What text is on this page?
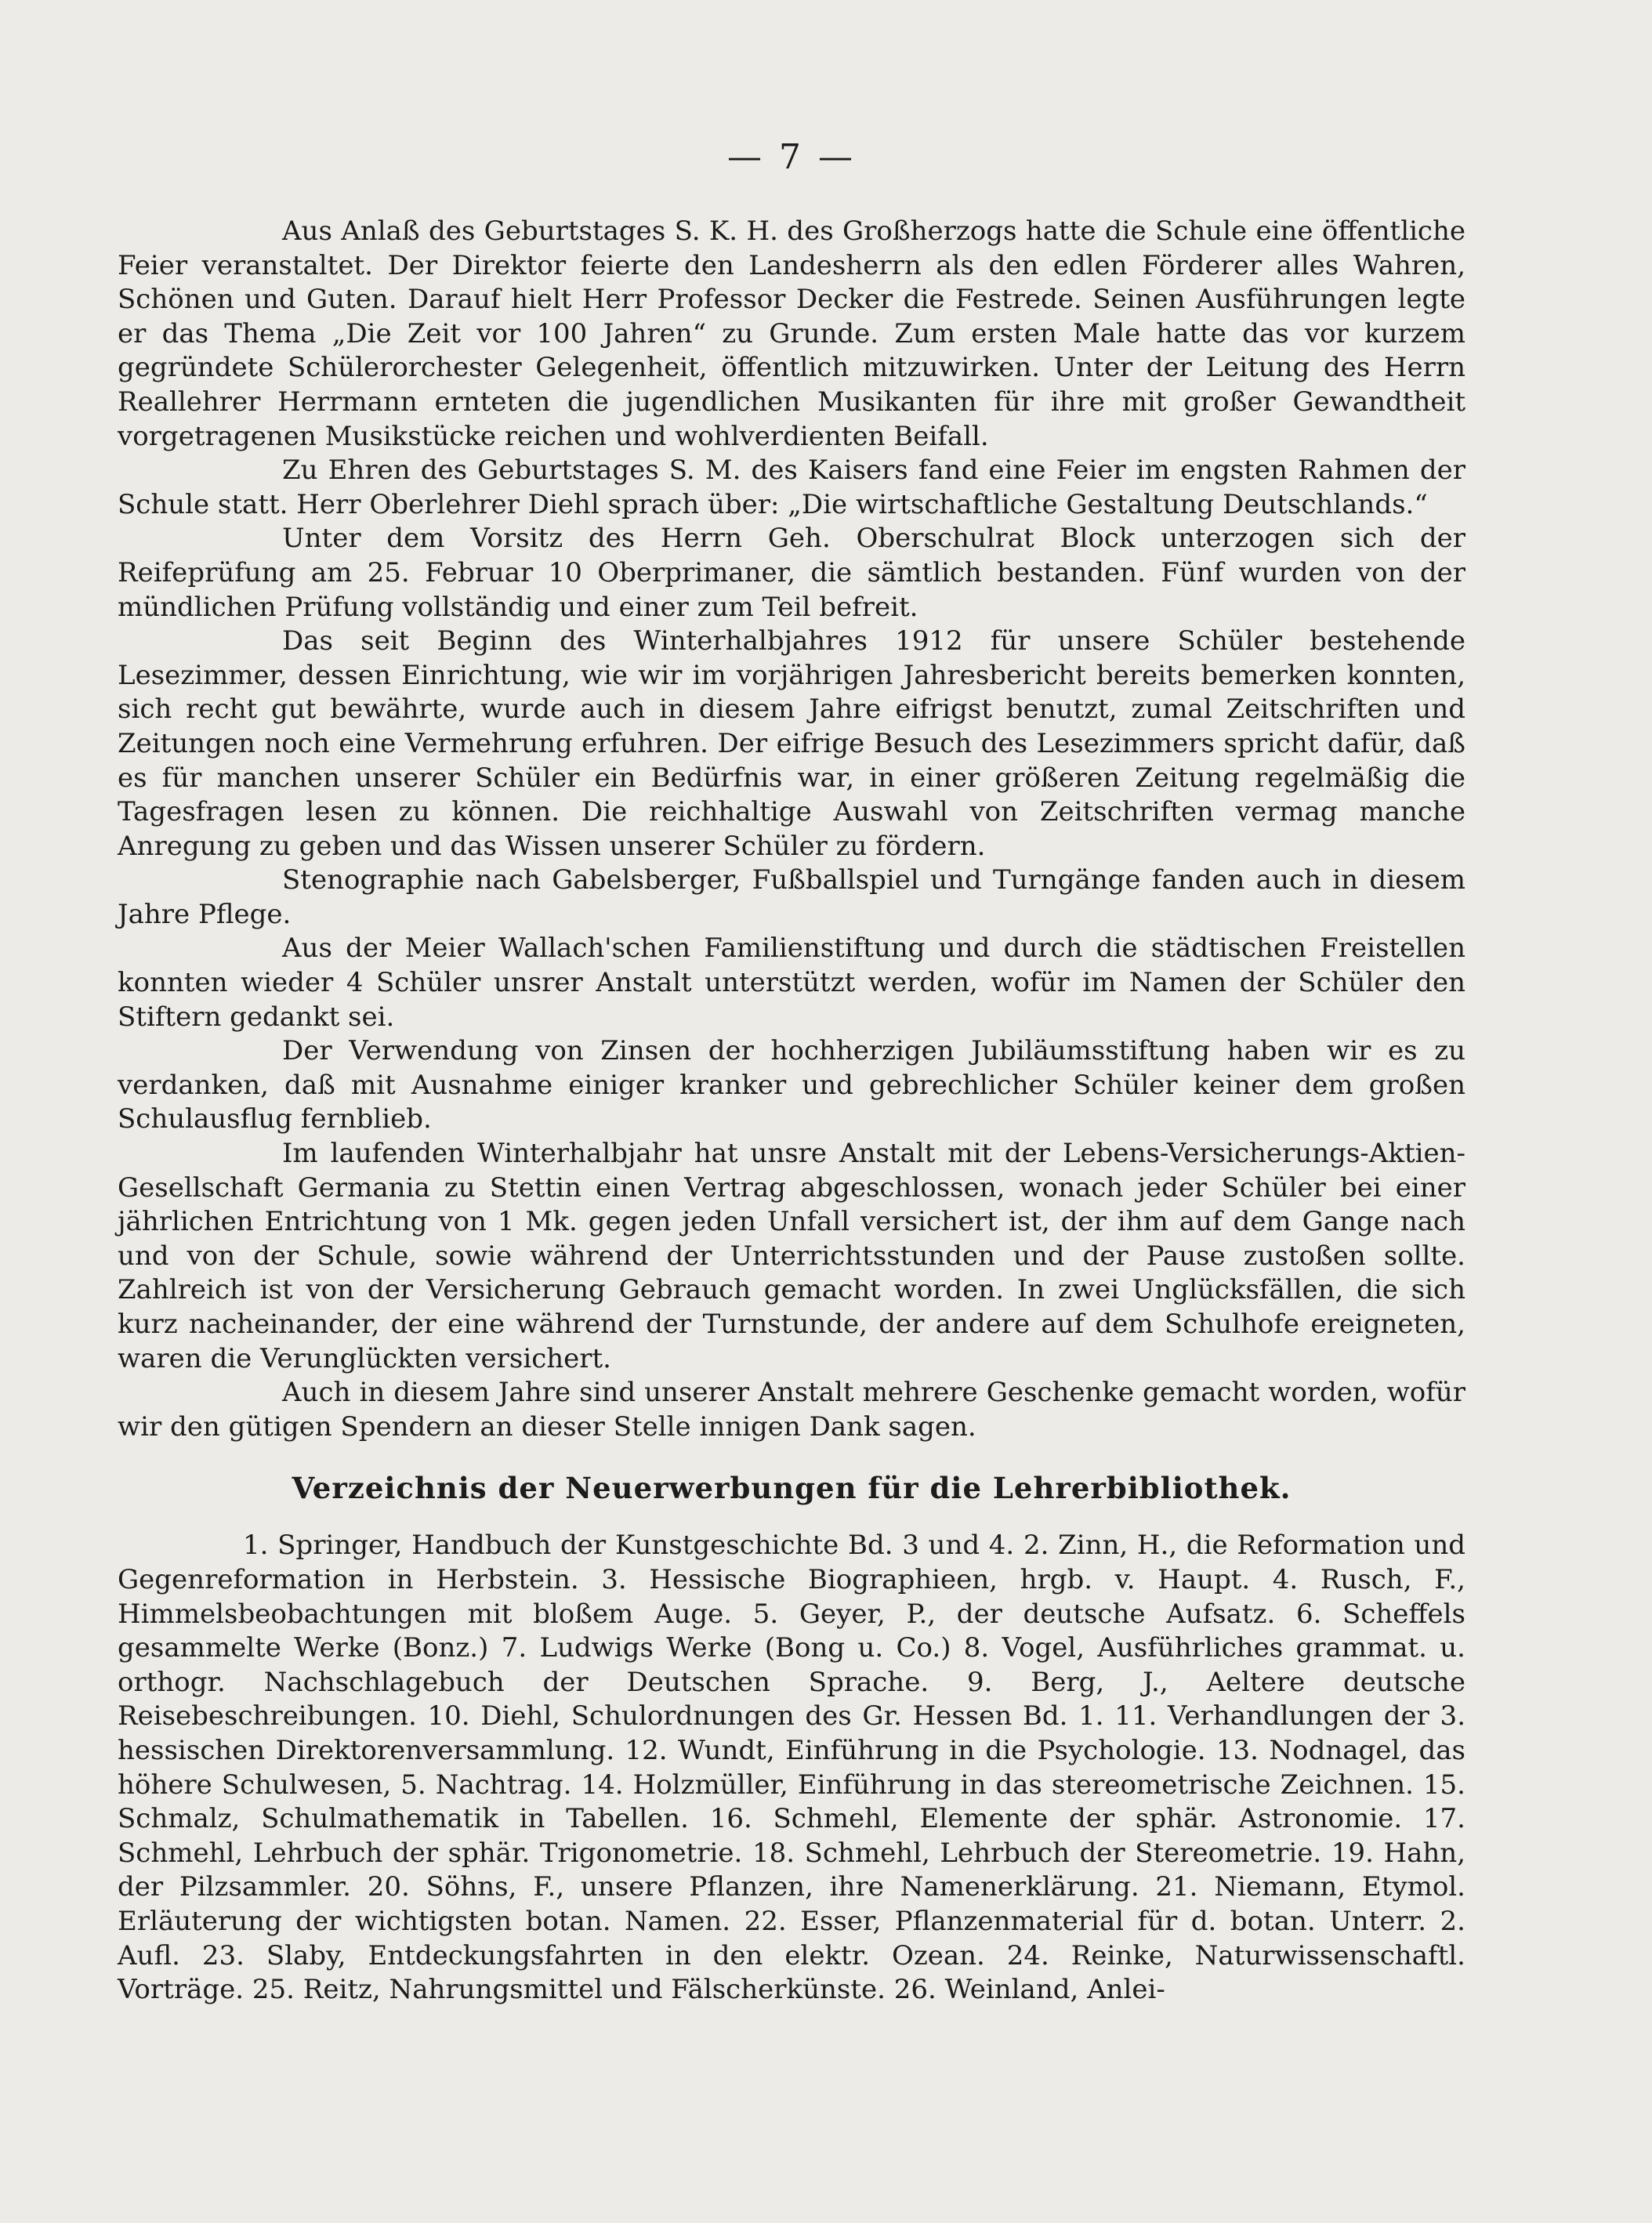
— 7 —

Aus Anlaß des Geburtstages S. K. H. des Großherzogs hatte die Schule eine öffentliche Feier veranstaltet. Der Direktor feierte den Landesherrn als den edlen Förderer alles Wahren, Schönen und Guten. Darauf hielt Herr Professor Decker die Festrede. Seinen Ausführungen legte er das Thema „Die Zeit vor 100 Jahren“ zu Grunde. Zum ersten Male hatte das vor kurzem gegründete Schülerorchester Gelegenheit, öffentlich mitzuwirken. Unter der Leitung des Herrn Reallehrer Herrmann ernteten die jugendlichen Musikanten für ihre mit großer Gewandtheit vorgetragenen Musikstücke reichen und wohlverdienten Beifall.

Zu Ehren des Geburtstages S. M. des Kaisers fand eine Feier im engsten Rahmen der Schule statt. Herr Oberlehrer Diehl sprach über: „Die wirtschaftliche Gestaltung Deutschlands.“

Unter dem Vorsitz des Herrn Geh. Oberschulrat Block unterzogen sich der Reifeprüfung am 25. Februar 10 Oberprimaner, die sämtlich bestanden. Fünf wurden von der mündlichen Prüfung vollständig und einer zum Teil befreit.

Das seit Beginn des Winterhalbjahres 1912 für unsere Schüler bestehende Lesezimmer, dessen Einrichtung, wie wir im vorjährigen Jahresbericht bereits bemerken konnten, sich recht gut bewährte, wurde auch in diesem Jahre eifrigst benutzt, zumal Zeitschriften und Zeitungen noch eine Vermehrung erfuhren. Der eifrige Besuch des Lesezimmers spricht dafür, daß es für manchen unserer Schüler ein Bedürfnis war, in einer größeren Zeitung regelmäßig die Tagesfragen lesen zu können. Die reichhaltige Auswahl von Zeitschriften vermag manche Anregung zu geben und das Wissen unserer Schüler zu fördern.

Stenographie nach Gabelsberger, Fußballspiel und Turngänge fanden auch in diesem Jahre Pflege.

Aus der Meier Wallach'schen Familienstiftung und durch die städtischen Freistellen konnten wieder 4 Schüler unsrer Anstalt unterstützt werden, wofür im Namen der Schüler den Stiftern gedankt sei.

Der Verwendung von Zinsen der hochherzigen Jubiläumsstiftung haben wir es zu verdanken, daß mit Ausnahme einiger kranker und gebrechlicher Schüler keiner dem großen Schulausflug fernblieb.

Im laufenden Winterhalbjahr hat unsre Anstalt mit der Lebens-Versicherungs-Aktien-Gesellschaft Germania zu Stettin einen Vertrag abgeschlossen, wonach jeder Schüler bei einer jährlichen Entrichtung von 1 Mk. gegen jeden Unfall versichert ist, der ihm auf dem Gange nach und von der Schule, sowie während der Unterrichtsstunden und der Pause zustoßen sollte. Zahlreich ist von der Versicherung Gebrauch gemacht worden. In zwei Unglücksfällen, die sich kurz nacheinander, der eine während der Turnstunde, der andere auf dem Schulhofe ereigneten, waren die Verunglückten versichert.

Auch in diesem Jahre sind unserer Anstalt mehrere Geschenke gemacht worden, wofür wir den gütigen Spendern an dieser Stelle innigen Dank sagen.

Verzeichnis der Neuerwerbungen für die Lehrerbibliothek.

1. Springer, Handbuch der Kunstgeschichte Bd. 3 und 4. 2. Zinn, H., die Reformation und Gegenreformation in Herbstein. 3. Hessische Biographieen, hrgb. v. Haupt. 4. Rusch, F., Himmelsbeobachtungen mit bloßem Auge. 5. Geyer, P., der deutsche Aufsatz. 6. Scheffels gesammelte Werke (Bonz.) 7. Ludwigs Werke (Bong u. Co.) 8. Vogel, Ausführliches grammat. u. orthogr. Nachschlagebuch der Deutschen Sprache. 9. Berg, J., Aeltere deutsche Reisebeschreibungen. 10. Diehl, Schulordnungen des Gr. Hessen Bd. 1. 11. Verhandlungen der 3. hessischen Direktorenversammlung. 12. Wundt, Einführung in die Psychologie. 13. Nodnagel, das höhere Schulwesen, 5. Nachtrag. 14. Holzmüller, Einführung in das stereometrische Zeichnen. 15. Schmalz, Schulmathematik in Tabellen. 16. Schmehl, Elemente der sphär. Astronomie. 17. Schmehl, Lehrbuch der sphär. Trigonometrie. 18. Schmehl, Lehrbuch der Stereometrie. 19. Hahn, der Pilzsammler. 20. Söhns, F., unsere Pflanzen, ihre Namenerklärung. 21. Niemann, Etymol. Erläuterung der wichtigsten botan. Namen. 22. Esser, Pflanzenmaterial für d. botan. Unterr. 2. Aufl. 23. Slaby, Entdeckungsfahrten in den elektr. Ozean. 24. Reinke, Naturwissenschaftl. Vorträge. 25. Reitz, Nahrungsmittel und Fälscherkünste. 26. Weinland, Anlei-
